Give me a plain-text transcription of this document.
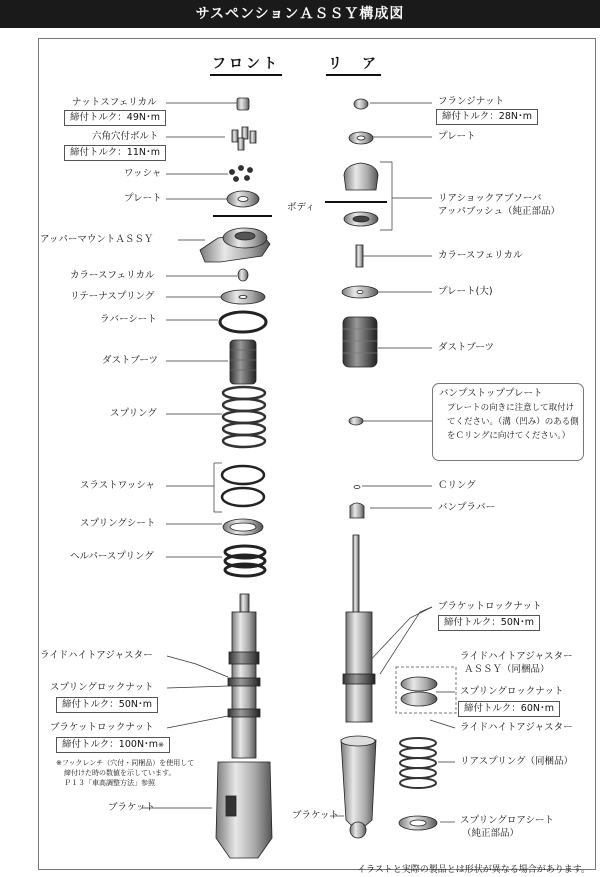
サスペンションＡＳＳＹ構成図
フロント	リ　ア
ナットスフェリカル
締付トルク：49N･m
六角穴付ボルト
締付トルク：11N･m
ワッシャ
プレート
アッパーマウントＡＳＳＹ
カラースフェリカル
リテーナスプリング
ラバーシート
ダストブーツ
スプリング
スラストワッシャ
スプリングシート
ヘルパースプリング
ライドハイトアジャスター
スプリングロックナット
締付トルク：50N･m
ブラケットロックナット
締付トルク：100N･m※
※フックレンチ（穴付・同梱品）を使用して
締付けた時の数値を示しています。
Ｐ１３「車高調整方法」参照
ブラケット
ボディ
フランジナット
締付トルク：28N･m
プレート
リアショックアブソーバ
アッパブッシュ（純正部品）
カラースフェリカル
プレート(大)
ダストブーツ
バンプストッププレート
プレートの向きに注意して取付けてください。（溝（凹み）のある側をＣリングに向けてください。）
Ｃリング
バンプラバー
ブラケットロックナット
締付トルク：50N･m
ライドハイトアジャスター
ＡＳＳＹ（同梱品）
スプリングロックナット
締付トルク：60N･m
ライドハイトアジャスター
リアスプリング（同梱品）
ブラケット	スプリングロアシート
（純正部品）
イラストと実際の製品とは形状が異なる場合があります。
